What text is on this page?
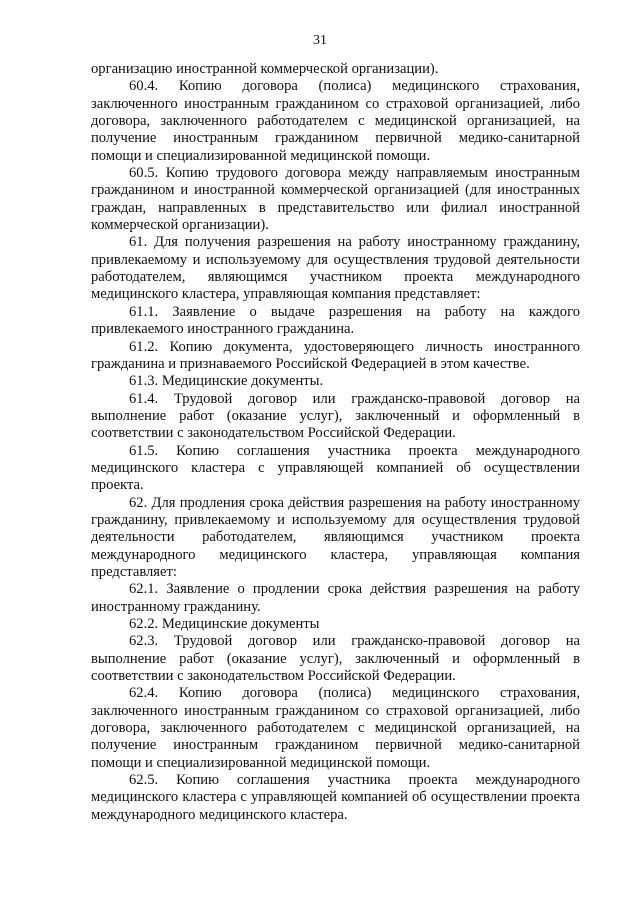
31

организацию иностранной коммерческой организации).

60.4. Копию договора (полиса) медицинского страхования, заключенного иностранным гражданином со страховой организацией, либо договора, заключенного работодателем с медицинской организацией, на получение иностранным гражданином первичной медико-санитарной помощи и специализированной медицинской помощи.

60.5. Копию трудового договора между направляемым иностранным гражданином и иностранной коммерческой организацией (для иностранных граждан, направленных в представительство или филиал иностранной коммерческой организации).

61. Для получения разрешения на работу иностранному гражданину, привлекаемому и используемому для осуществления трудовой деятельности работодателем, являющимся участником проекта международного медицинского кластера, управляющая компания представляет:

61.1. Заявление о выдаче разрешения на работу на каждого привлекаемого иностранного гражданина.

61.2. Копию документа, удостоверяющего личность иностранного гражданина и признаваемого Российской Федерацией в этом качестве.

61.3. Медицинские документы.

61.4. Трудовой договор или гражданско-правовой договор на выполнение работ (оказание услуг), заключенный и оформленный в соответствии с законодательством Российской Федерации.

61.5. Копию соглашения участника проекта международного медицинского кластера с управляющей компанией об осуществлении проекта.

62. Для продления срока действия разрешения на работу иностранному гражданину, привлекаемому и используемому для осуществления трудовой деятельности работодателем, являющимся участником проекта международного медицинского кластера, управляющая компания представляет:

62.1. Заявление о продлении срока действия разрешения на работу иностранному гражданину.

62.2. Медицинские документы

62.3. Трудовой договор или гражданско-правовой договор на выполнение работ (оказание услуг), заключенный и оформленный в соответствии с законодательством Российской Федерации.

62.4. Копию договора (полиса) медицинского страхования, заключенного иностранным гражданином со страховой организацией, либо договора, заключенного работодателем с медицинской организацией, на получение иностранным гражданином первичной медико-санитарной помощи и специализированной медицинской помощи.

62.5. Копию соглашения участника проекта международного медицинского кластера с управляющей компанией об осуществлении проекта международного медицинского кластера.
